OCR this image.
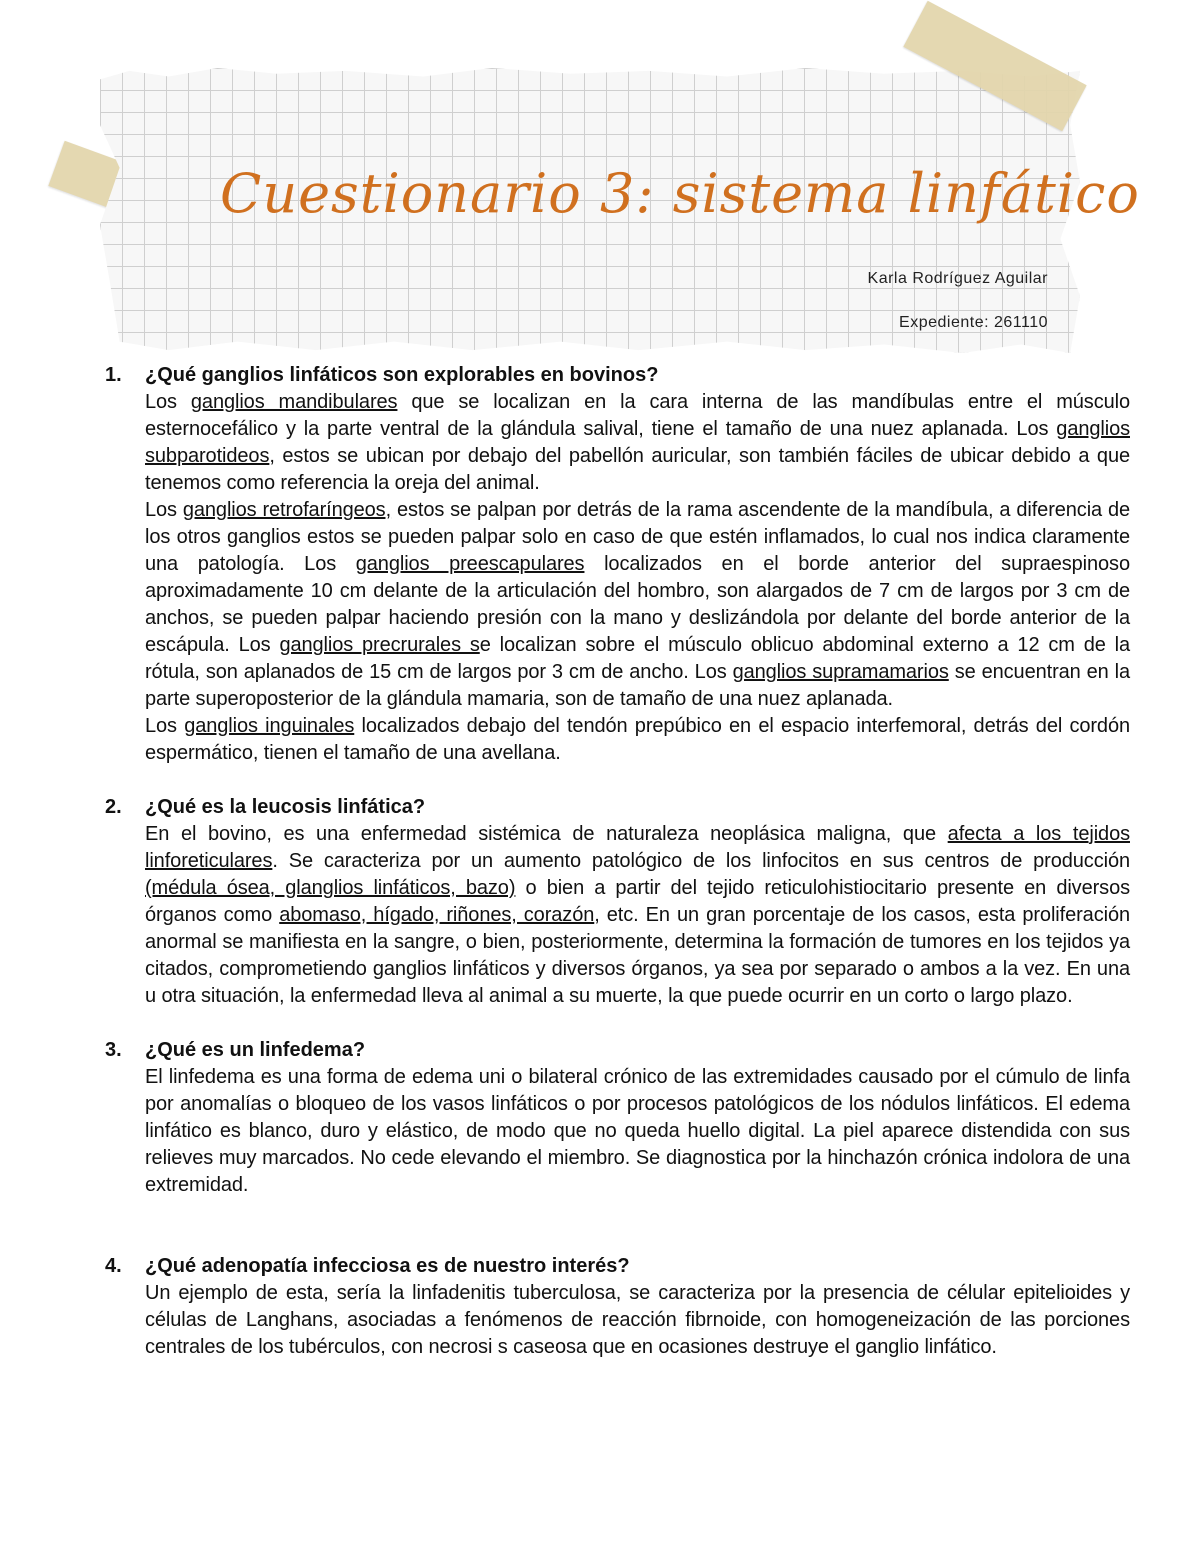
Cuestionario 3: sistema linfático
Karla Rodríguez Aguilar
Expediente: 261110
1. ¿Qué ganglios linfáticos son explorables en bovinos?

Los ganglios mandibulares que se localizan en la cara interna de las mandíbulas entre el músculo esternocefálico y la parte ventral de la glándula salival, tiene el tamaño de una nuez aplanada. Los ganglios subparotideos, estos se ubican por debajo del pabellón auricular, son también fáciles de ubicar debido a que tenemos como referencia la oreja del animal.
Los ganglios retrofaríngeos, estos se palpan por detrás de la rama ascendente de la mandíbula, a diferencia de los otros ganglios estos se pueden palpar solo en caso de que estén inflamados, lo cual nos indica claramente una patología. Los ganglios preescapulares localizados en el borde anterior del supraespinoso aproximadamente 10 cm delante de la articulación del hombro, son alargados de 7 cm de largos por 3 cm de anchos, se pueden palpar haciendo presión con la mano y deslizándola por delante del borde anterior de la escápula. Los ganglios precrurales se localizan sobre el músculo oblicuo abdominal externo a 12 cm de la rótula, son aplanados de 15 cm de largos por 3 cm de ancho. Los ganglios supramamarios se encuentran en la parte superoposterior de la glándula mamaria, son de tamaño de una nuez aplanada.
Los ganglios inguinales localizados debajo del tendón prepúbico en el espacio interfemoral, detrás del cordón espermático, tienen el tamaño de una avellana.

2. ¿Qué es la leucosis linfática?

En el bovino, es una enfermedad sistémica de naturaleza neoplásica maligna, que afecta a los tejidos linforeticulares. Se caracteriza por un aumento patológico de los linfocitos en sus centros de producción (médula ósea, glanglios linfáticos, bazo) o bien a partir del tejido reticulohistiocitario presente en diversos órganos como abomaso, hígado, riñones, corazón, etc. En un gran porcentaje de los casos, esta proliferación anormal se manifiesta en la sangre, o bien, posteriormente, determina la formación de tumores en los tejidos ya citados, comprometiendo ganglios linfáticos y diversos órganos, ya sea por separado o ambos a la vez. En una u otra situación, la enfermedad lleva al animal a su muerte, la que puede ocurrir en un corto o largo plazo.

3. ¿Qué es un linfedema?

El linfedema es una forma de edema uni o bilateral crónico de las extremidades causado por el cúmulo de linfa por anomalías o bloqueo de los vasos linfáticos o por procesos patológicos de los nódulos linfáticos. El edema linfático es blanco, duro y elástico, de modo que no queda huello digital. La piel aparece distendida con sus relieves muy marcados. No cede elevando el miembro. Se diagnostica por la hinchazón crónica indolora de una extremidad.

4. ¿Qué adenopatía infecciosa es de nuestro interés?

Un ejemplo de esta, sería la linfadenitis tuberculosa, se caracteriza por la presencia de célular epitelioides y células de Langhans, asociadas a fenómenos de reacción fibrnoide, con homogeneización de las porciones centrales de los tubérculos, con necrosi s caseosa que en ocasiones destruye el ganglio linfático.
